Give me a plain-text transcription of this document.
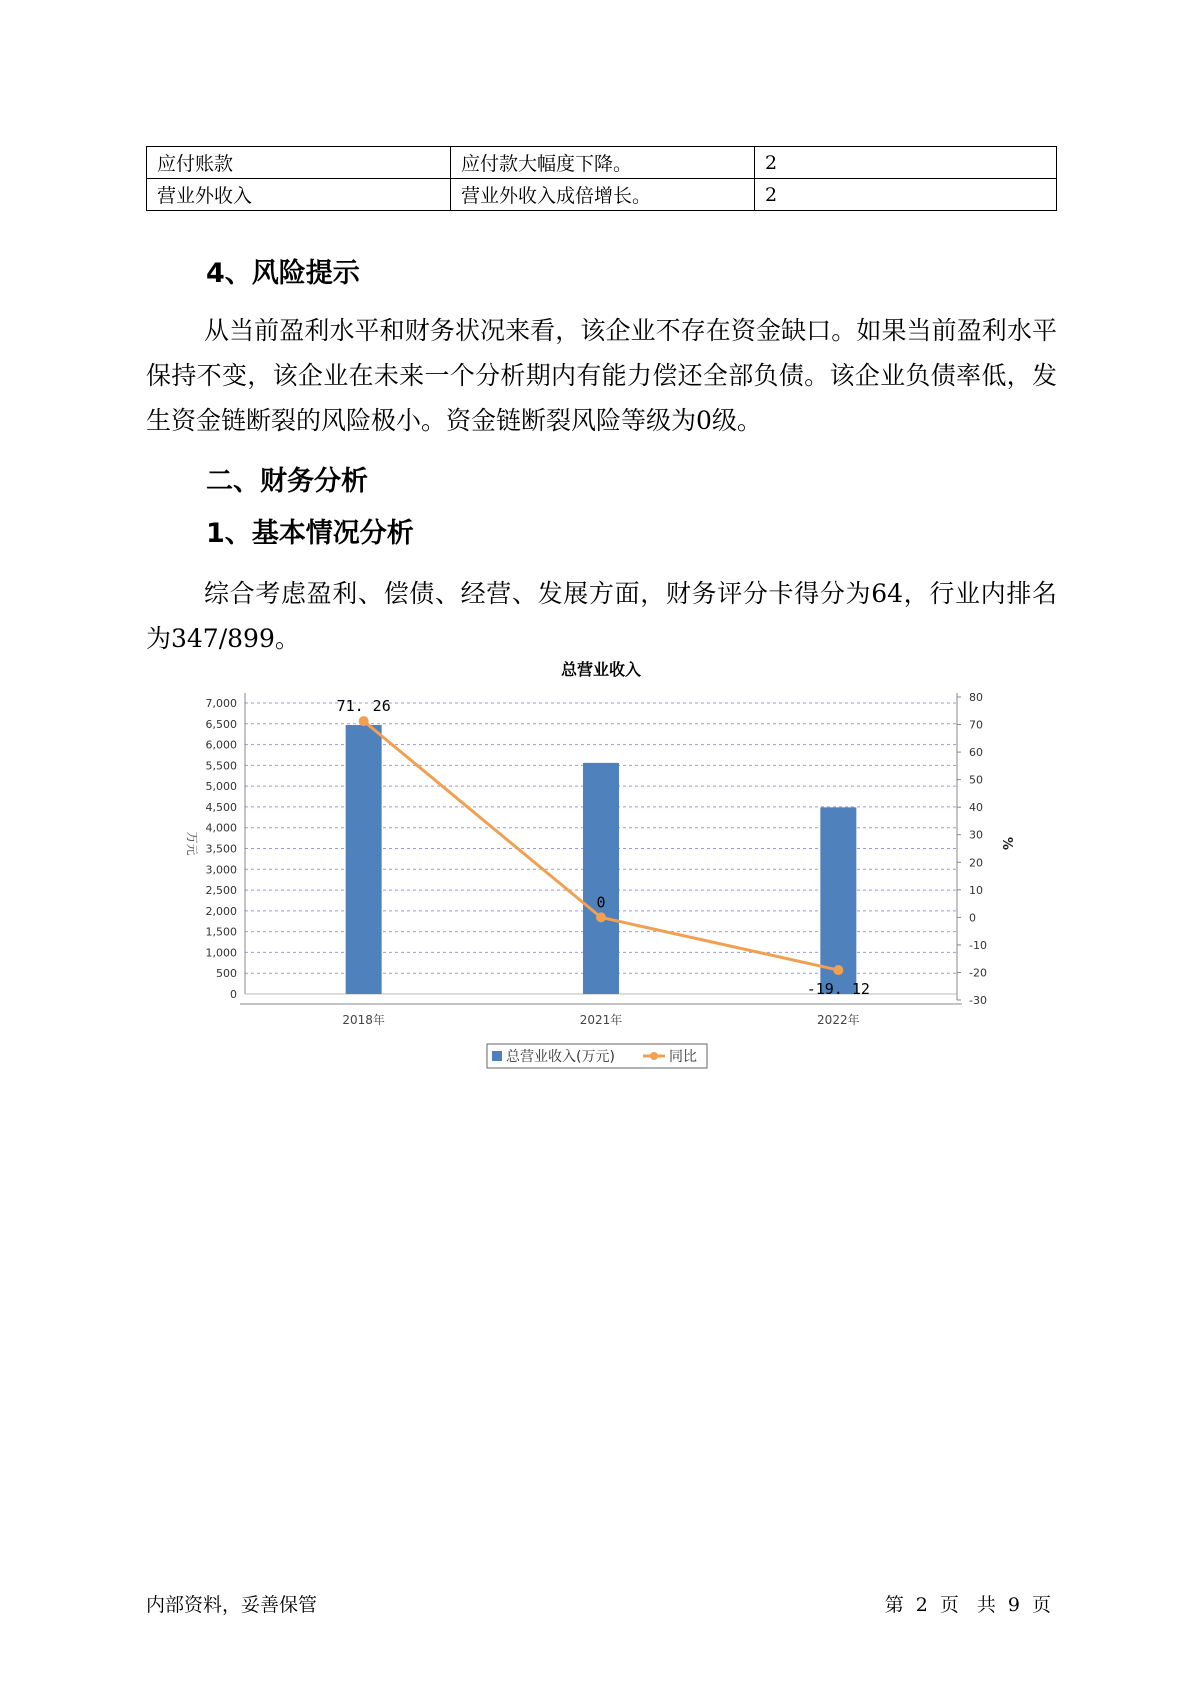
应付账款	应付款大幅度下降。	2
营业外收入	营业外收入成倍增长。	2
4、风险提示

从当前盈利水平和财务状况来看，该企业不存在资金缺口。如果当前盈利水平保持不变，该企业在未来一个分析期内有能力偿还全部负债。该企业负债率低，发生资金链断裂的风险极小。资金链断裂风险等级为0级。

二、财务分析
1、基本情况分析

综合考虑盈利、偿债、经营、发展方面，财务评分卡得分为64，行业内排名为347/899。

总营业收入
0
500
1,000
1,500
2,000
2,500
3,000
3,500
4,000
4,500
5,000
5,500
6,000
6,500
7,000
-30
-20
-10
0
10
20
30
40
50
60
70
80
万元	%
2018年	2021年	2022年
71. 26
0
-19. 12
总营业收入(万元)	同比
内部资料，妥善保管	第 2 页 共 9 页
